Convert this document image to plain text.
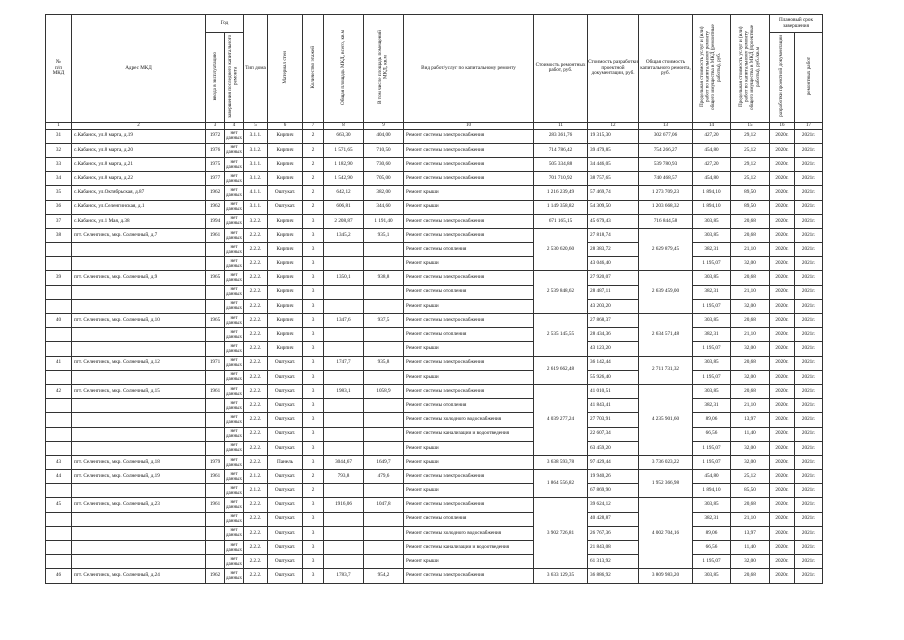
№
п/п
МКД	Адрес МКД	Год		Тип дома	Материал стен	Количество этажей	Общая площадь МКД, всего, кв.м	В том числе площадь помещений МКД, кв.м	Вид работ/услуг по капитальному ремонту	Стоимость ремонтных работ, руб.	Стоимость разработки проектной документации, руб.	Общая стоимость капитального ремонта, руб.	Предельная стоимость услуг и (или) работ по капитальному ремонту общего имущества в МКД (ремонтные работы), руб.	Предельная стоимость услуг и (или) работ по капитальному ремонту общего имущества в МКД (проектные работы), руб./кв.м	Плановый срок завершения	
		ввода в эксплуатацию	завершения последнего капитального ремонта												разработки проектной документации	ремонтных работ
1	2	3	4	5	6	7	8	9	10	11	12	13	14	15	16	17
31	с.Кабанск, ул.8 марта, д.19	1972	нет данных	3.1.1.	Кирпич	2	663,30	404,00	Ремонт системы электроснабжения	283 361,76	19 315,30	302 677,06	427,20	29,12	2020г.	2021г.
32	с.Кабанск, ул.8 марта, д.20	1976	нет данных	3.1.2.	Кирпич	2	1 571,65	710,50	Ремонт системы электроснабжения	714 786,42	39 479,85	754 266,27	454,80	25,12	2020г.	2021г.
33	с.Кабанск, ул.8 марта, д.21	1975	нет данных	3.1.1.	Кирпич	2	1 182,90	730,60	Ремонт системы электроснабжения	505 334,88	34 446,05	539 780,93	427,20	29,12	2020г.	2021г.
34	с.Кабанск, ул.8 марта, д.22	1977	нет данных	3.1.2.	Кирпич	2	1 542,90	705,00	Ремонт системы электроснабжения	701 710,92	38 757,65	740 468,57	454,80	25,12	2020г.	2021г.
35	с.Кабанск, ул.Октябрьская, д.87	1962	нет данных	4.1.1.	Оштукат.	2	642,12	382,00	Ремонт крыши	1 216 239,49	57 469,74	1 273 709,23	1 894,10	89,50	2020г.	2021г.
36	с.Кабанск, ул.Селенгинская, д.1	1962	нет данных	3.1.1.	Оштукат.	2	606,81	344,60	Ремонт крыши	1 149 358,82	54 309,50	1 203 668,32	1 894,10	89,50	2020г.	2021г.
37	с.Кабанск, ул.1 Мая, д.38	1994	нет данных	3.2.2.	Кирпич	3	2 208,87	1 191,40	Ремонт системы электроснабжения	671 165,15	45 679,43	716 844,58	303,85	20,68	2020г.	2021г.
38	пгт. Селенгинск, мкр. Солнечный, д.7	1961	нет данных	2.2.2.	Кирпич	3	1345,2	935,1	Ремонт системы электроснабжения	2 530 620,60	27 818,74	2 629 879,45	303,85	20,68	2020г.	2021г.

			нет данных	2.2.2.	Кирпич	3			Ремонт системы отопления		28 383,72		382,31	21,10	2020г.	2021г.

			нет данных	2.2.2.	Кирпич	3			Ремонт крыши		43 046,40		1 195,07	32,00	2020г.	2021г.
39	пгт. Селенгинск, мкр. Солнечный, д.9	1965	нет данных	2.2.2.	Кирпич	3	1350,1	938,8	Ремонт системы электроснабжения	2 539 848,62	27 920,07	2 639 459,00	303,85	20,68	2020г.	2021г.

			нет данных	2.2.2.	Кирпич	3			Ремонт системы отопления		28 487,11		382,31	21,10	2020г.	2021г.

			нет данных	2.2.2.	Кирпич	3			Ремонт крыши		43 203,20		1 195,07	32,00	2020г.	2021г.
40	пгт. Селенгинск, мкр. Солнечный, д.10	1965	нет данных	2.2.2.	Кирпич	3	1347,6	937,5	Ремонт системы электроснабжения	2 535 145,55	27 868,37	2 634 571,48	303,85	20,68	2020г.	2021г.

			нет данных	2.2.2.	Кирпич	3			Ремонт системы отопления		28 434,36		382,31	21,10	2020г.	2021г.

			нет данных	2.2.2.	Кирпич	3			Ремонт крыши		43 123,20		1 195,07	32,00	2020г.	2021г.
41	пгт. Селенгинск, мкр. Солнечный, д.12	1971	нет данных	2.2.2.	Оштукат.	3	1747,7	935,8	Ремонт системы электроснабжения	2 619 662,48	36 142,44	2 711 731,32	303,85	20,68	2020г.	2021г.

			нет данных	2.2.2.	Оштукат.	3			Ремонт крыши		55 926,40		1 195,07	32,00	2020г.	2021г.
42	пгт. Селенгинск, мкр. Солнечный, д.15	1961	нет данных	2.2.2.	Оштукат.	3	1983,1	1058,9	Ремонт системы электроснабжения	4 039 277,24	41 010,51	4 235 901,60	303,85	20,68	2020г.	2021г.

			нет данных	2.2.2.	Оштукат.	3			Ремонт системы отопления		41 843,41		382,31	21,10	2020г.	2021г.

			нет данных	2.2.2.	Оштукат.	3			Ремонт системы холодного водоснабжения		27 703,91		89,06	13,97	2020г.	2021г.

			нет данных	2.2.2.	Оштукат.	3			Ремонт системы канализации и водоотведения		22 607,34		66,56	11,40	2020г.	2021г.

			нет данных	2.2.2.	Оштукат.	3			Ремонт крыши		63 459,20		1 195,07	32,00	2020г.	2021г.
43	пгт. Селенгинск, мкр. Солнечный, д.18	1979	нет данных	2.2.2.	Панель	3	3044,67	1649,7	Ремонт крыши	3 638 593,78	97 429,44	3 736 023,22	1 195,07	32,00	2020г.	2021г.
44	пгт. Селенгинск, мкр. Солнечный, д.19	1961	нет данных	2.1.2.	Оштукат.	2	793,8	479,6	Ремонт системы электроснабжения	1 864 556,82	19 940,26	1 952 366,98	454,80	25,12	2020г.	2021г.

			нет данных	2.1.2.	Оштукат.	2			Ремонт крыши		67 869,90		1 894,10	85,50	2020г.	2021г.
45	пгт. Селенгинск, мкр. Солнечный, д.23	1961	нет данных	2.2.2.	Оштукат.	3	1916,06	1047,8	Ремонт системы электроснабжения	3 902 726,81	39 624,12	4 002 704,16	303,85	20,68	2020г.	2021г.

			нет данных	2.2.2.	Оштукат.	3			Ремонт системы отопления		40 428,87		382,31	21,10	2020г.	2021г.

			нет данных	2.2.2.	Оштукат.	3			Ремонт системы холодного водоснабжения		26 767,36		89,06	13,97	2020г.	2021г.

			нет данных	2.2.2.	Оштукат.	3			Ремонт системы канализации и водоотведения		21 843,08		66,56	11,40	2020г.	2021г.

			нет данных	2.2.2.	Оштукат.	3			Ремонт крыши		61 313,92		1 195,07	32,00	2020г.	2021г.
46	пгт. Селенгинск, мкр. Солнечный, д.24	1962	нет данных	2.2.2.	Оштукат.	3	1783,7	954,2	Ремонт системы электроснабжения	3 633 129,35	36 886,92	3 809 983,20	303,85	20,68	2020г.	2021г.
